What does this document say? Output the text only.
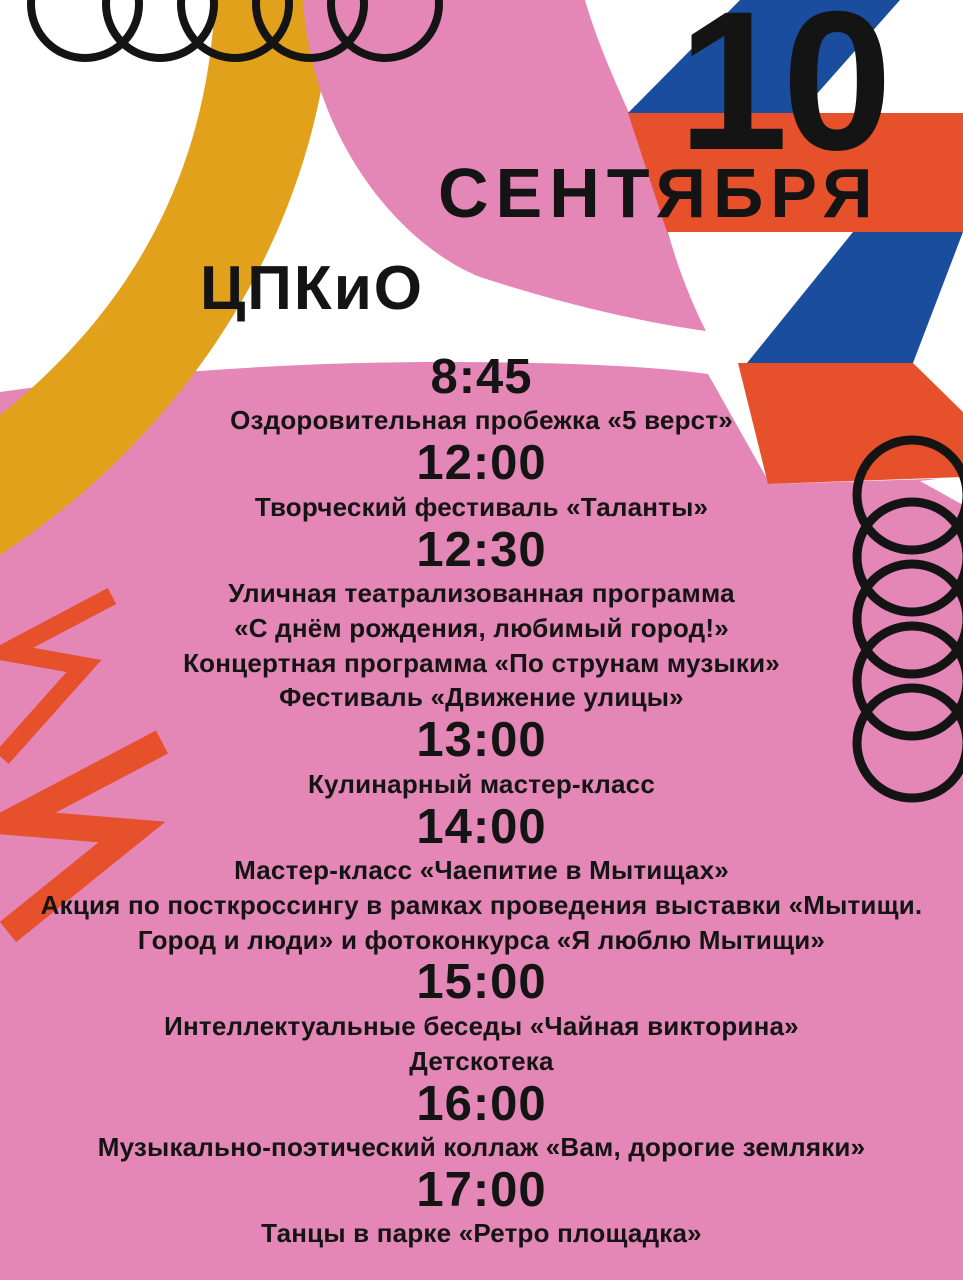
10
СЕНТЯБРЯ
ЦПКиО
8:45
Оздоровительная пробежка «5 верст»
12:00
Творческий фестиваль «Таланты»
12:30
Уличная театрализованная программа
«С днём рождения, любимый город!»
Концертная программа «По струнам музыки»
Фестиваль «Движение улицы»
13:00
Кулинарный мастер-класс
14:00
Мастер-класс «Чаепитие в Мытищах»
Акция по посткроссингу в рамках проведения выставки «Мытищи.
Город и люди» и фотоконкурса «Я люблю Мытищи»
15:00
Интеллектуальные беседы «Чайная викторина»
Детскотека
16:00
Музыкально-поэтический коллаж «Вам, дорогие земляки»
17:00
Танцы в парке «Ретро площадка»
